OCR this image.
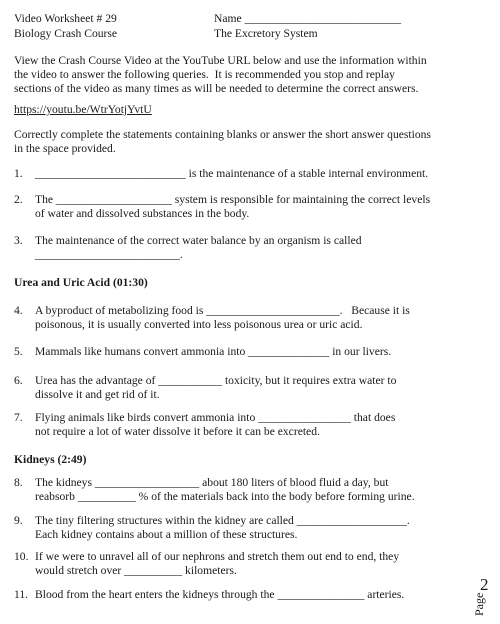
Video Worksheet # 29
Biology Crash Course
Name ___________________________
The Excretory System
View the Crash Course Video at the YouTube URL below and use the information within
the video to answer the following queries.  It is recommended you stop and replay
sections of the video as many times as will be needed to determine the correct answers.
https://youtu.be/WtrYotjYvtU
Correctly complete the statements containing blanks or answer the short answer questions
in the space provided.
1. __________________________ is the maintenance of a stable internal environment.
2. The ____________________ system is responsible for maintaining the correct levels
of water and dissolved substances in the body.
3. The maintenance of the correct water balance by an organism is called
_________________________.
Urea and Uric Acid (01:30)
4. A byproduct of metabolizing food is _______________________.   Because it is
poisonous, it is usually converted into less poisonous urea or uric acid.
5. Mammals like humans convert ammonia into ______________ in our livers.
6. Urea has the advantage of ___________ toxicity, but it requires extra water to
dissolve it and get rid of it.
7. Flying animals like birds convert ammonia into ________________ that does
not require a lot of water dissolve it before it can be excreted.
Kidneys (2:49)
8. The kidneys __________________ about 180 liters of blood fluid a day, but
reabsorb __________ % of the materials back into the body before forming urine.
9. The tiny filtering structures within the kidney are called ___________________.
Each kidney contains about a million of these structures.
10. If we were to unravel all of our nephrons and stretch them out end to end, they
would stretch over __________ kilometers.
11. Blood from the heart enters the kidneys through the _______________ arteries.	Page
2
